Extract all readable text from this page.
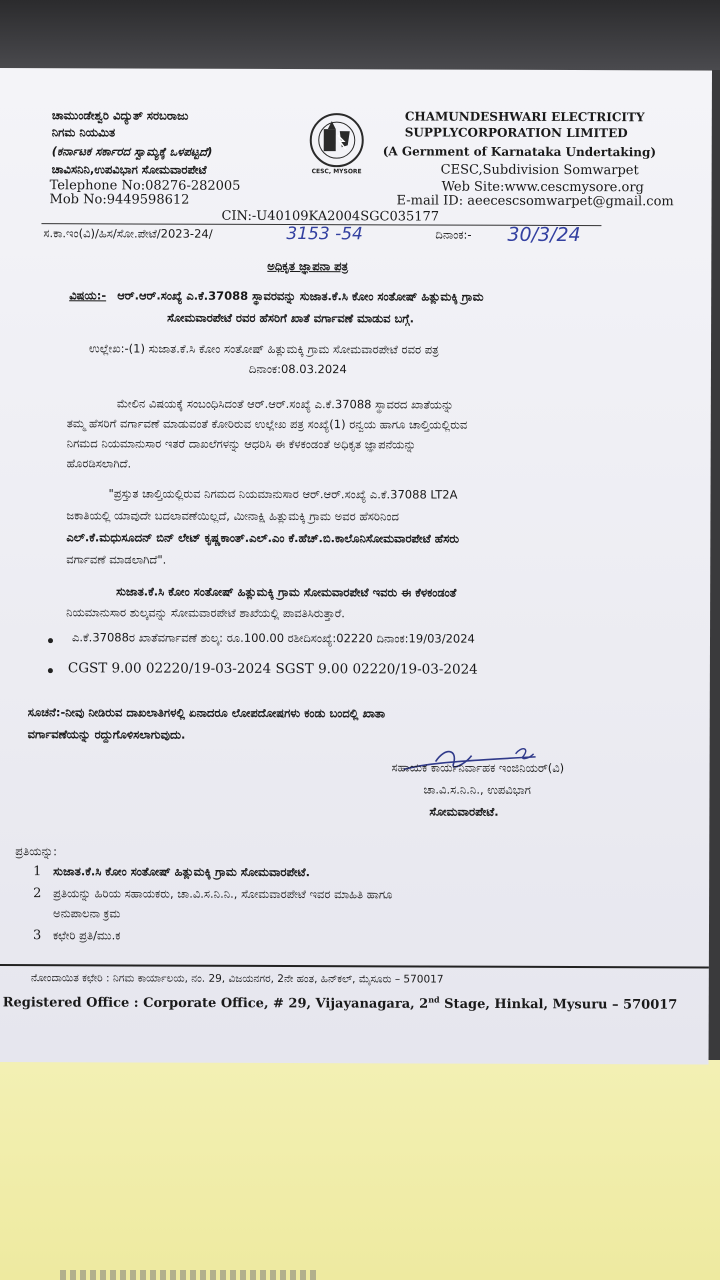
ಚಾಮುಂಡೇಶ್ವರಿ ವಿದ್ಯುತ್ ಸರಬರಾಜು
ನಿಗಮ ನಿಯಮಿತ
(ಕರ್ನಾಟಕ ಸರ್ಕಾರದ ಸ್ವಾಮ್ಯಕ್ಕೆ ಒಳಪಟ್ಟದೆ)
ಚಾವಿಸನಿನಿ,ಉಪವಿಭಾಗ ಸೋಮವಾರಪೇಟೆ
Telephone No:08276-282005
Mob No:9449598612
CESC, MYSORE
CHAMUNDESHWARI ELECTRICITY
SUPPLYCORPORATION LIMITED
(A Gernment of Karnataka Undertaking)
CESC,Subdivision Somwarpet
Web Site:www.cescmysore.org
E-mail ID: aeecescsomwarpet@gmail.com
CIN:-U40109KA2004SGC035177
ಸ.ಕಾ.ಇಂ(ವಿ)/ಹಿಸ/ಸೋ.ಪೇಟೆ/2023-24/	3153 -54	ದಿನಾಂಕ:- 30/3/24
ಅಧಿಕೃತ ಜ್ಞಾಪನಾ ಪತ್ರ
ವಿಷಯ:- ಆರ್.ಆರ್.ಸಂಖ್ಯೆ ಎ.ಕೆ.37088 ಸ್ಥಾವರವನ್ನು ಸುಜಾತ.ಕೆ.ಸಿ ಕೋಂ ಸಂತೋಷ್ ಹಿತ್ಲುಮಕ್ಕಿ ಗ್ರಾಮ
ಸೋಮವಾರಪೇಟೆ ರವರ ಹೆಸರಿಗೆ ಖಾತೆ ವರ್ಗಾವಣೆ ಮಾಡುವ ಬಗ್ಗೆ.
ಉಲ್ಲೇಖ:-(1) ಸುಜಾತ.ಕೆ.ಸಿ ಕೋಂ ಸಂತೋಷ್ ಹಿತ್ಲುಮಕ್ಕಿ ಗ್ರಾಮ ಸೋಮವಾರಪೇಟೆ ರವರ ಪತ್ರ
ದಿನಾಂಕ:08.03.2024
ಮೇಲಿನ ವಿಷಯಕ್ಕೆ ಸಂಬಂಧಿಸಿದಂತೆ ಆರ್.ಆರ್.ಸಂಖ್ಯೆ ಎ.ಕೆ.37088 ಸ್ಥಾವರದ ಖಾತೆಯನ್ನು
ತಮ್ಮ ಹೆಸರಿಗೆ ವರ್ಗಾವಣೆ ಮಾಡುವಂತೆ ಕೋರಿರುವ ಉಲ್ಲೇಖ ಪತ್ರ ಸಂಖ್ಯೆ(1) ರನ್ವಯ ಹಾಗೂ ಚಾಲ್ತಿಯಲ್ಲಿರುವ
ನಿಗಮದ ನಿಯಮಾನುಸಾರ ಇತರೆ ದಾಖಲೆಗಳನ್ನು ಆಧರಿಸಿ ಈ ಕೆಳಕಂಡಂತೆ ಅಧಿಕೃತ ಜ್ಞಾಪನೆಯನ್ನು
ಹೊರಡಿಸಲಾಗಿದೆ.
"ಪ್ರಸ್ತುತ ಚಾಲ್ತಿಯಲ್ಲಿರುವ ನಿಗಮದ ನಿಯಮಾನುಸಾರ ಆರ್.ಆರ್.ಸಂಖ್ಯೆ ಎ.ಕೆ.37088 LT2A
ಜಕಾತಿಯಲ್ಲಿ ಯಾವುದೇ ಬದಲಾವಣೆಯಿಲ್ಲದೆ, ಮೀನಾಕ್ಷಿ ಹಿತ್ಲುಮಕ್ಕಿ ಗ್ರಾಮ ಅವರ ಹೆಸರಿನಿಂದ
ಎಲ್.ಕೆ.ಮಧುಸೂದನ್ ಬಿನ್ ಲೇಟ್ ಕೃಷ್ಣಕಾಂತ್.ಎಲ್.ಎಂ ಕೆ.ಹೆಚ್.ಬಿ.ಕಾಲೊನಿಸೋಮವಾರಪೇಟೆ ಹೆಸರು
ವರ್ಗಾವಣೆ ಮಾಡಲಾಗಿದೆ".
ಸುಜಾತ.ಕೆ.ಸಿ ಕೋಂ ಸಂತೋಷ್ ಹಿತ್ಲುಮಕ್ಕಿ ಗ್ರಾಮ ಸೋಮವಾರಪೇಟೆ ಇವರು ಈ ಕೆಳಕಂಡಂತೆ
ನಿಯಮಾನುಸಾರ ಶುಲ್ಕವನ್ನು ಸೋಮವಾರಪೇಟೆ ಶಾಖೆಯಲ್ಲಿ ಪಾವತಿಸಿರುತ್ತಾರೆ.
ಎ.ಕೆ.37088ರ ಖಾತೆವರ್ಗಾವಣೆ ಶುಲ್ಕ: ರೂ.100.00 ರಶೀದಿಸಂಖ್ಯೆ:02220 ದಿನಾಂಕ:19/03/2024
CGST 9.00 02220/19-03-2024 SGST 9.00 02220/19-03-2024
ಸೂಚನೆ:-ನೀವು ನೀಡಿರುವ ದಾಖಲಾತಿಗಳಲ್ಲಿ ಏನಾದರೂ ಲೋಪದೋಷಗಳು ಕಂಡು ಬಂದಲ್ಲಿ ಖಾತಾ
ವರ್ಗಾವಣೆಯನ್ನು ರದ್ದುಗೊಳಿಸಲಾಗುವುದು.
ಸಹಾಯಕ ಕಾರ್ಯನಿರ್ವಾಹಕ ಇಂಜಿನಿಯರ್(ವಿ)
ಚಾ.ವಿ.ಸ.ನಿ.ನಿ., ಉಪವಿಭಾಗ
ಸೋಮವಾರಪೇಟೆ.
ಪ್ರತಿಯನ್ನು:
1 ಸುಜಾತ.ಕೆ.ಸಿ ಕೋಂ ಸಂತೋಷ್ ಹಿತ್ಲುಮಕ್ಕಿ ಗ್ರಾಮ ಸೋಮವಾರಪೇಟೆ.
2 ಪ್ರತಿಯನ್ನು ಹಿರಿಯ ಸಹಾಯಕರು, ಚಾ.ವಿ.ಸ.ನಿ.ನಿ., ಸೋಮವಾರಪೇಟೆ ಇವರ ಮಾಹಿತಿ ಹಾಗೂ
ಅನುಪಾಲನಾ ಕ್ರಮ
3 ಕಛೇರಿ ಪ್ರತಿ/ಮು.ಕ
ನೋಂದಾಯಿತ ಕಛೇರಿ : ನಿಗಮ ಕಾರ್ಯಾಲಯ, ನಂ. 29, ವಿಜಯನಗರ, 2ನೇ ಹಂತ, ಹಿನ್‌ಕಲ್, ಮೈಸೂರು – 570017
Registered Office : Corporate Office, # 29, Vijayanagara, 2nd Stage, Hinkal, Mysuru – 570017
